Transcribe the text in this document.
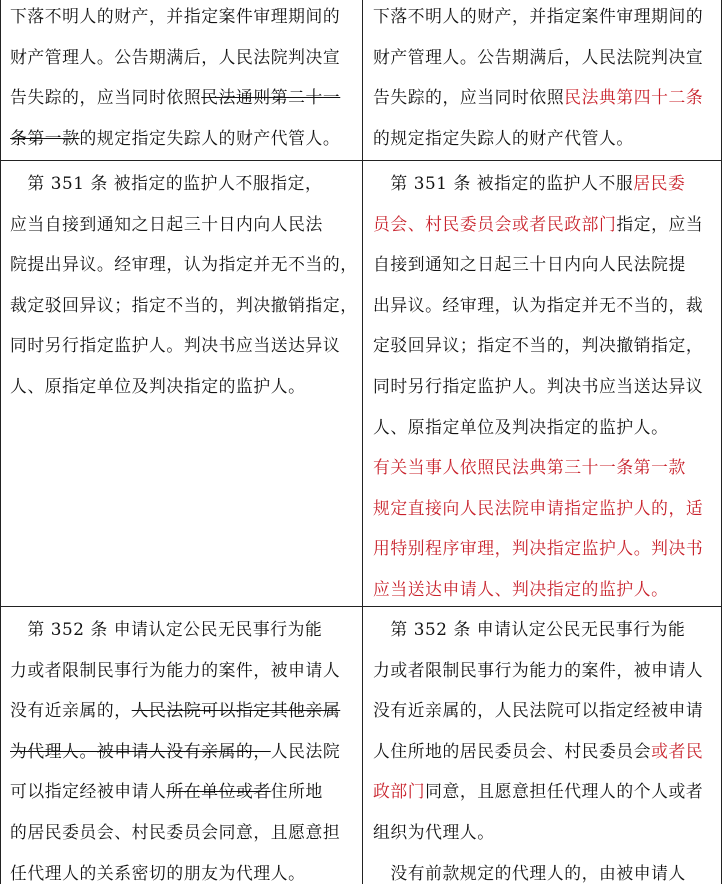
下落不明人的财产，并指定案件审理期间的
财产管理人。公告期满后，人民法院判决宣
告失踪的，应当同时依照民法通则第二十一
条第一款的规定指定失踪人的财产代管人。
下落不明人的财产，并指定案件审理期间的
财产管理人。公告期满后，人民法院判决宣
告失踪的，应当同时依照民法典第四十二条
的规定指定失踪人的财产代管人。
　第 351 条 被指定的监护人不服指定，
应当自接到通知之日起三十日内向人民法
院提出异议。经审理，认为指定并无不当的，
裁定驳回异议；指定不当的，判决撤销指定，
同时另行指定监护人。判决书应当送达异议
人、原指定单位及判决指定的监护人。
　第 351 条 被指定的监护人不服居民委
员会、村民委员会或者民政部门指定，应当
自接到通知之日起三十日内向人民法院提
出异议。经审理，认为指定并无不当的，裁
定驳回异议；指定不当的，判决撤销指定，
同时另行指定监护人。判决书应当送达异议
人、原指定单位及判决指定的监护人。
有关当事人依照民法典第三十一条第一款
规定直接向人民法院申请指定监护人的，适
用特别程序审理，判决指定监护人。判决书
应当送达申请人、判决指定的监护人。
　第 352 条 申请认定公民无民事行为能
力或者限制民事行为能力的案件，被申请人
没有近亲属的，人民法院可以指定其他亲属
为代理人。被申请人没有亲属的，人民法院
可以指定经被申请人所在单位或者住所地
的居民委员会、村民委员会同意，且愿意担
任代理人的关系密切的朋友为代理人。
　第 352 条 申请认定公民无民事行为能
力或者限制民事行为能力的案件，被申请人
没有近亲属的，人民法院可以指定经被申请
人住所地的居民委员会、村民委员会或者民
政部门同意，且愿意担任代理人的个人或者
组织为代理人。
　没有前款规定的代理人的，由被申请人
